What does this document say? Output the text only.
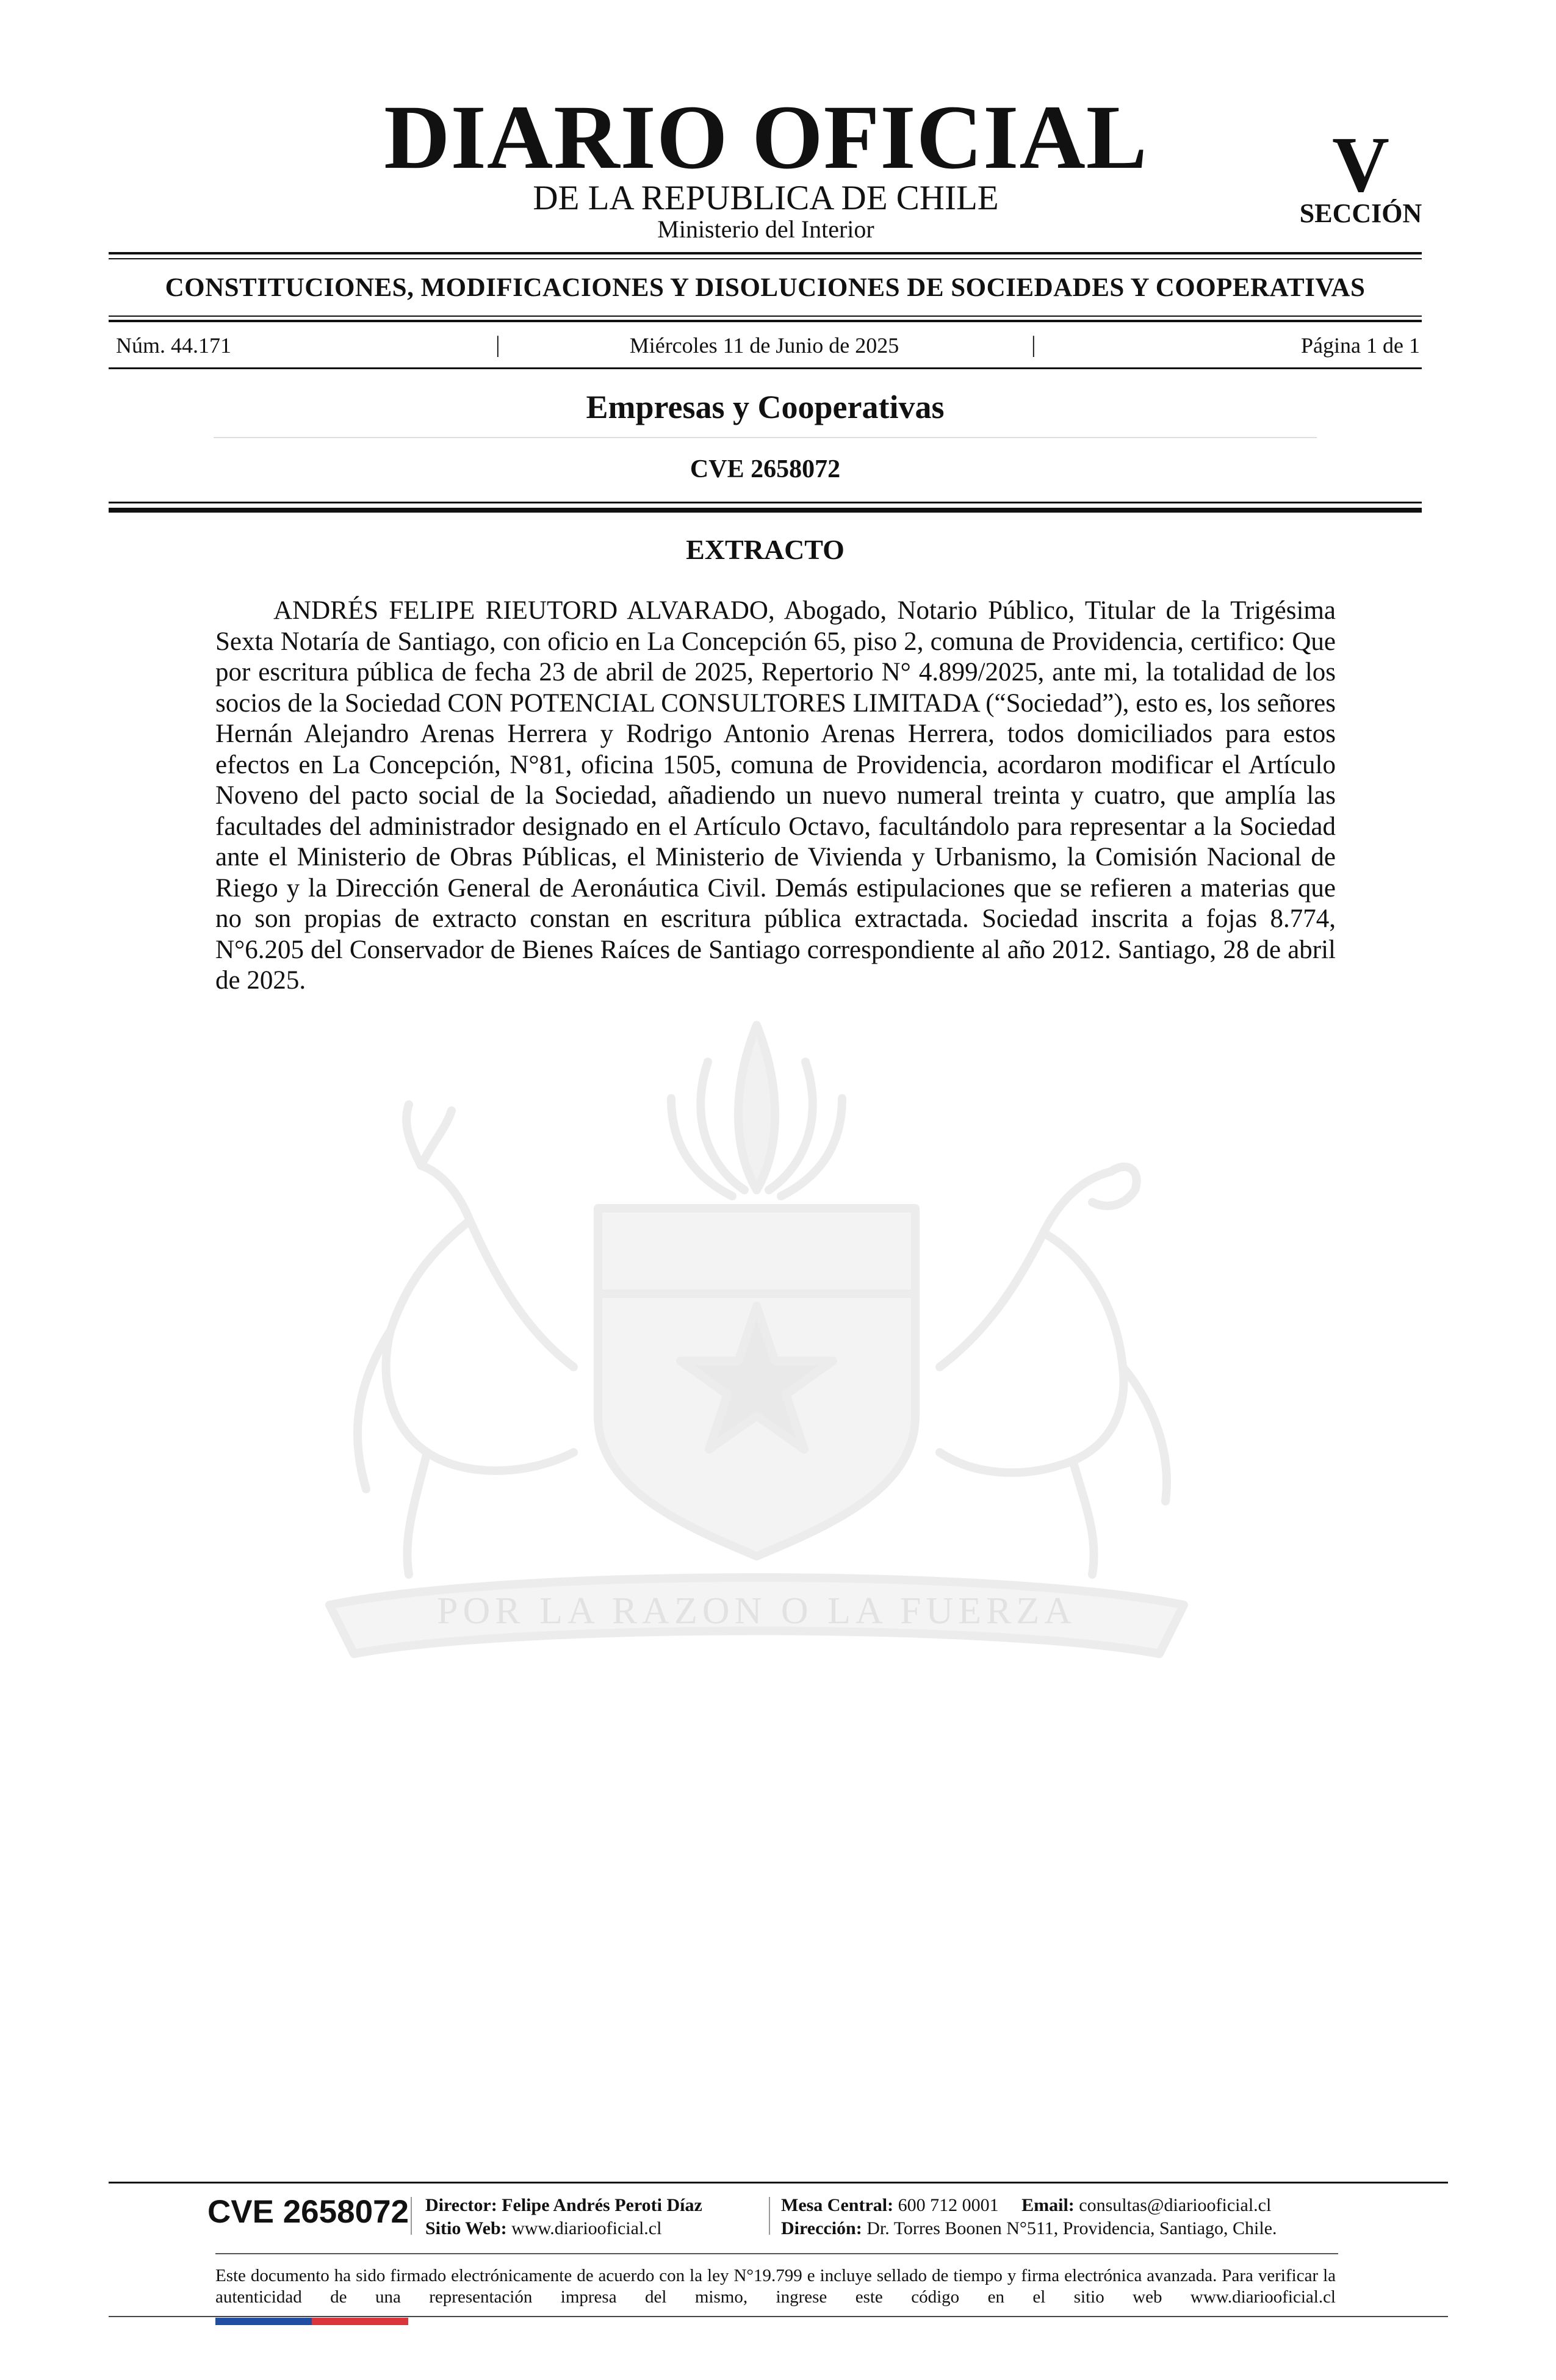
DIARIO OFICIAL
DE LA REPUBLICA DE CHILE
Ministerio del Interior
V
SECCIÓN
CONSTITUCIONES, MODIFICACIONES Y DISOLUCIONES DE SOCIEDADES Y COOPERATIVAS
Núm. 44.171	|	Miércoles 11 de Junio de 2025	|	Página 1 de 1
Empresas y Cooperativas
CVE 2658072
POR LA RAZON O LA FUERZA
EXTRACTO

ANDRÉS FELIPE RIEUTORD ALVARADO, Abogado, Notario Público, Titular de la Trigésima Sexta Notaría de Santiago, con oficio en La Concepción 65, piso 2, comuna de Providencia, certifico: Que por escritura pública de fecha 23 de abril de 2025, Repertorio N° 4.899/2025, ante mi, la totalidad de los socios de la Sociedad CON POTENCIAL CONSULTORES LIMITADA (“Sociedad”), esto es, los señores Hernán Alejandro Arenas Herrera y Rodrigo Antonio Arenas Herrera, todos domiciliados para estos efectos en La Concepción, N°81, oficina 1505, comuna de Providencia, acordaron modificar el Artículo Noveno del pacto social de la Sociedad, añadiendo un nuevo numeral treinta y cuatro, que amplía las facultades del administrador designado en el Artículo Octavo, facultándolo para representar a la Sociedad ante el Ministerio de Obras Públicas, el Ministerio de Vivienda y Urbanismo, la Comisión Nacional de Riego y la Dirección General de Aeronáutica Civil. Demás estipulaciones que se refieren a materias que no son propias de extracto constan en escritura pública extractada. Sociedad inscrita a fojas 8.774, N°6.205 del Conservador de Bienes Raíces de Santiago correspondiente al año 2012. Santiago, 28 de abril de 2025.

CVE 2658072 Director: Felipe Andrés Peroti Díaz
Sitio Web: www.diariooficial.cl
Mesa Central: 600 712 0001 Email: consultas@diariooficial.cl
Dirección: Dr. Torres Boonen N°511, Providencia, Santiago, Chile.

Este documento ha sido firmado electrónicamente de acuerdo con la ley N°19.799 e incluye sellado de tiempo y firma electrónica avanzada. Para verificar la autenticidad de una representación impresa del mismo, ingrese este código en el sitio web www.diariooficial.cl
